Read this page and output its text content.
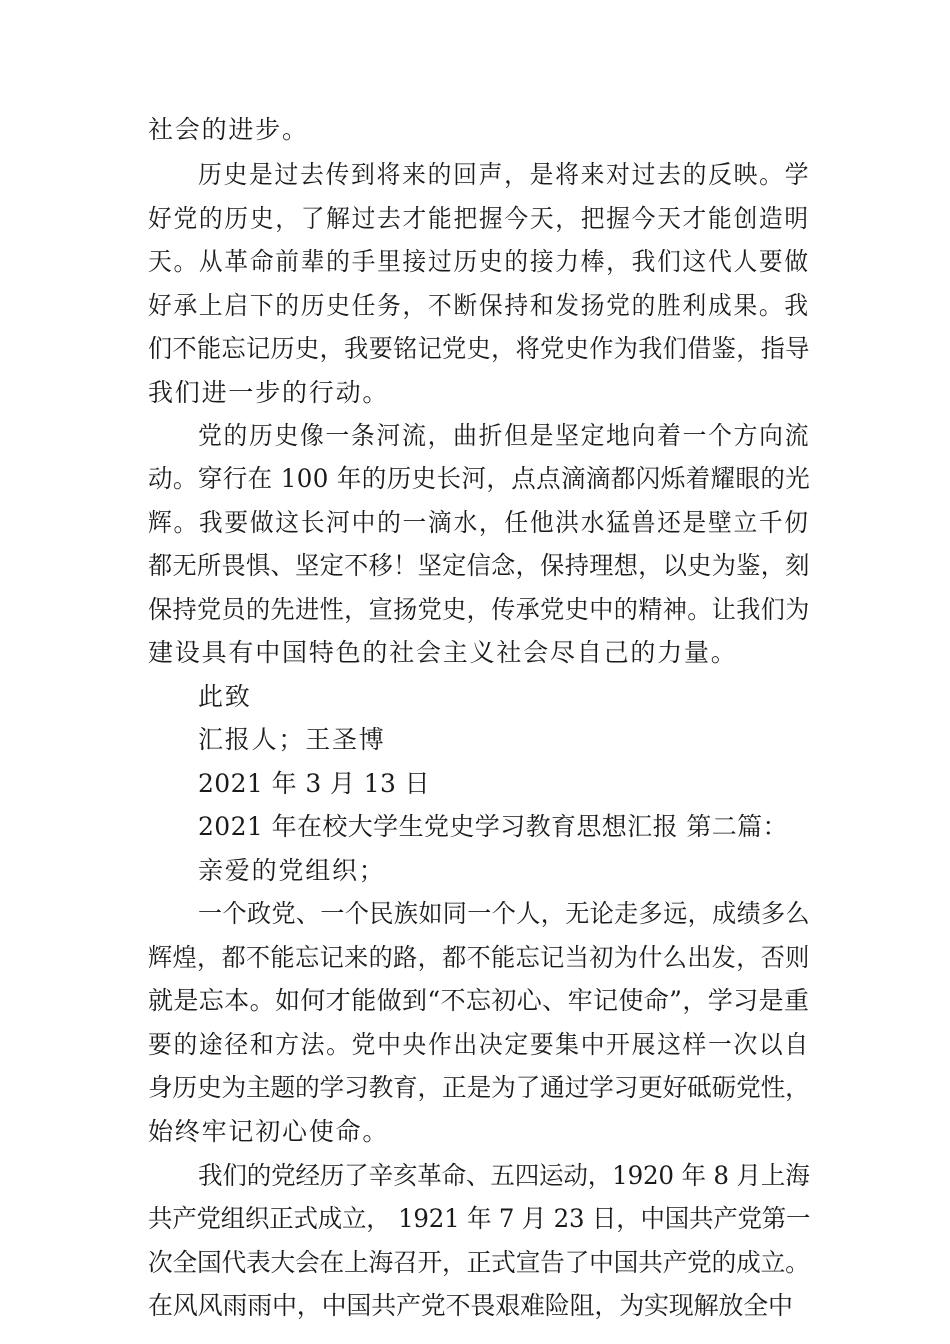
社会的进步。
历史是过去传到将来的回声，是将来对过去的反映。学
好党的历史，了解过去才能把握今天，把握今天才能创造明
天。从革命前辈的手里接过历史的接力棒，我们这代人要做
好承上启下的历史任务，不断保持和发扬党的胜利成果。我
们不能忘记历史，我要铭记党史，将党史作为我们借鉴，指导
我们进一步的行动。
党的历史像一条河流，曲折但是坚定地向着一个方向流
动。穿行在 100 年的历史长河，点点滴滴都闪烁着耀眼的光
辉。我要做这长河中的一滴水，任他洪水猛兽还是壁立千仞
都无所畏惧、坚定不移！坚定信念，保持理想，以史为鉴，刻
保持党员的先进性，宣扬党史，传承党史中的精神。让我们为
建设具有中国特色的社会主义社会尽自己的力量。
此致
汇报人；王圣博
2021 年 3 月 13 日
2021 年在校大学生党史学习教育思想汇报 第二篇：
亲爱的党组织；
一个政党、一个民族如同一个人，无论走多远，成绩多么
辉煌，都不能忘记来的路，都不能忘记当初为什么出发，否则
就是忘本。如何才能做到“不忘初心、牢记使命”，学习是重
要的途径和方法。党中央作出决定要集中开展这样一次以自
身历史为主题的学习教育，正是为了通过学习更好砥砺党性，
始终牢记初心使命。
我们的党经历了辛亥革命、五四运动，1920 年 8 月上海
共产党组织正式成立， 1921 年 7 月 23 日，中国共产党第一
次全国代表大会在上海召开，正式宣告了中国共产党的成立。
在风风雨雨中，中国共产党不畏艰难险阻，为实现解放全中
